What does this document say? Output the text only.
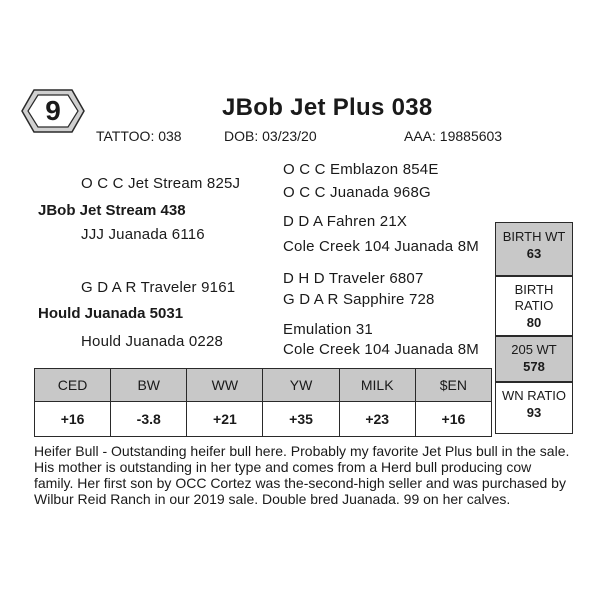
9	JBob Jet Plus 038
TATTOO: 038	DOB: 03/23/20	AAA: 19885603
O C C Jet Stream 825J
JBob Jet Stream 438
JJJ Juanada 6116
G D A R Traveler 9161
Hould Juanada 5031
Hould Juanada 0228
O C C Emblazon 854E
O C C Juanada 968G
D D A Fahren 21X
Cole Creek 104 Juanada 8M
D H D Traveler 6807
G D A R Sapphire 728
Emulation 31
Cole Creek 104 Juanada 8M
BIRTH WT
63
BIRTH
RATIO
80
205 WT
578
WN RATIO
93
CED	BW	WW	YW	MILK	$EN
+16	-3.8	+21	+35	+23	+16
Heifer Bull - Outstanding heifer bull here. Probably my favorite Jet Plus bull in the sale. His mother is outstanding in her type and comes from a Herd bull producing cow family. Her first son by OCC Cortez was the-second-high seller and was purchased by Wilbur Reid Ranch in our 2019 sale. Double bred Juanada. 99 on her calves.
